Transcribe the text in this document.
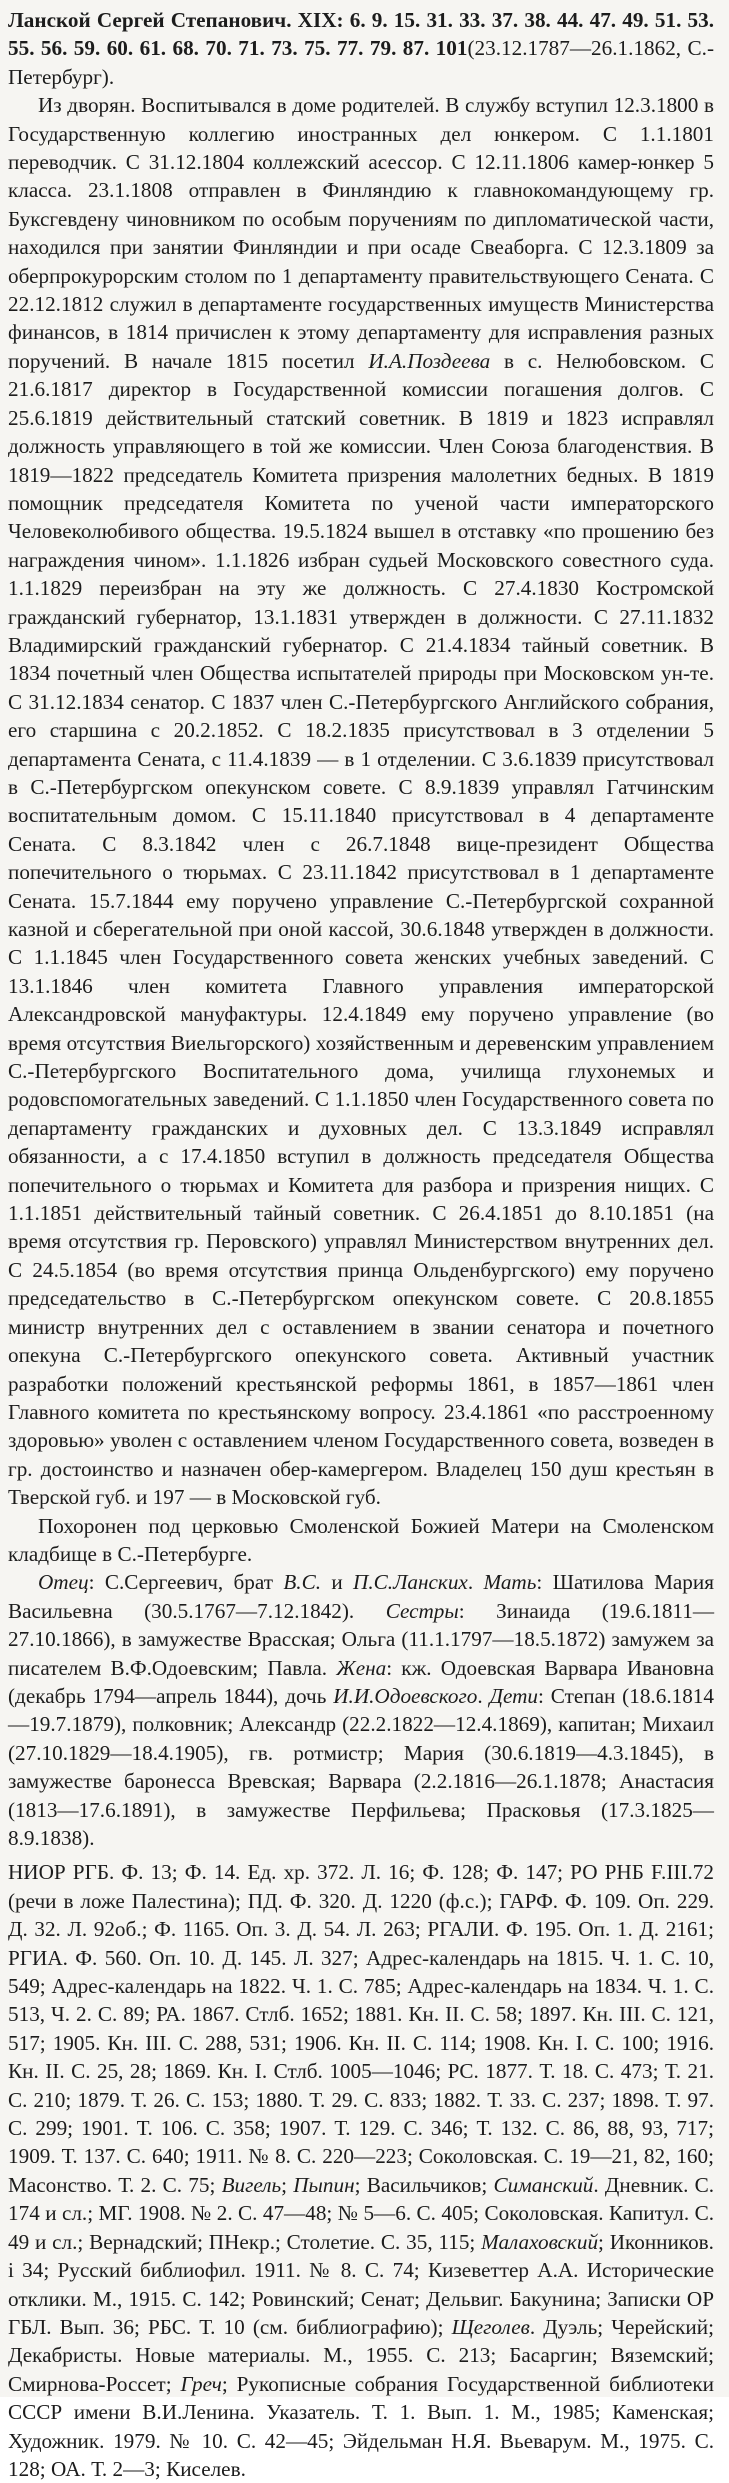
Ланской Сергей Степанович. XIX: 6. 9. 15. 31. 33. 37. 38. 44. 47. 49. 51. 53. 55. 56. 59. 60. 61. 68. 70. 71. 73. 75. 77. 79. 87. 101(23.12.1787—26.1.1862, С.-Петербург).

Из дворян. Воспитывался в доме родителей. В службу вступил 12.3.1800 в Государственную коллегию иностранных дел юнкером. С 1.1.1801 переводчик. С 31.12.1804 коллежский асессор. С 12.11.1806 камер-юнкер 5 класса. 23.1.1808 отправлен в Финляндию к главнокомандующему гр. Буксгевдену чиновником по особым поручениям по дипломатической части, находился при занятии Финляндии и при осаде Свеаборга. С 12.3.1809 за оберпрокурорским столом по 1 департаменту правительствующего Сената. С 22.12.1812 служил в департаменте государственных имуществ Министерства финансов, в 1814 причислен к этому департаменту для исправления разных поручений. В начале 1815 посетил И.А.Поздеева в с. Нелюбовском. С 21.6.1817 директор в Государственной комиссии погашения долгов. С 25.6.1819 действительный статский советник. В 1819 и 1823 исправлял должность управляющего в той же комиссии. Член Союза благоденствия. В 1819—1822 председатель Комитета призрения малолетних бедных. В 1819 помощник председателя Комитета по ученой части императорского Человеколюбивого общества. 19.5.1824 вышел в отставку «по прошению без награждения чином». 1.1.1826 избран судьей Московского совестного суда. 1.1.1829 переизбран на эту же должность. С 27.4.1830 Костромской гражданский губернатор, 13.1.1831 утвержден в должности. С 27.11.1832 Владимирский гражданский губернатор. С 21.4.1834 тайный советник. В 1834 почетный член Общества испытателей природы при Московском ун-те. С 31.12.1834 сенатор. С 1837 член С.-Петербургского Английского собрания, его старшина с 20.2.1852. С 18.2.1835 присутствовал в 3 отделении 5 департамента Сената, с 11.4.1839 — в 1 отделении. С 3.6.1839 присутствовал в С.-Петербургском опекунском совете. С 8.9.1839 управлял Гатчинским воспитательным домом. С 15.11.1840 присутствовал в 4 департаменте Сената. С 8.3.1842 член с 26.7.1848 вице-президент Общества попечительного о тюрьмах. С 23.11.1842 присутствовал в 1 департаменте Сената. 15.7.1844 ему поручено управление С.-Петербургской сохранной казной и сберегательной при оной кассой, 30.6.1848 утвержден в должности. С 1.1.1845 член Государственного совета женских учебных заведений. С 13.1.1846 член комитета Главного управления императорской Александровской мануфактуры. 12.4.1849 ему поручено управление (во время отсутствия Виельгорского) хозяйственным и деревенским управлением С.-Петербургского Воспитательного дома, училища глухонемых и родовспомогательных заведений. С 1.1.1850 член Государственного совета по департаменту гражданских и духовных дел. С 13.3.1849 исправлял обязанности, а с 17.4.1850 вступил в должность председателя Общества попечительного о тюрьмах и Комитета для разбора и призрения нищих. С 1.1.1851 действительный тайный советник. С 26.4.1851 до 8.10.1851 (на время отсутствия гр. Перовского) управлял Министерством внутренних дел. С 24.5.1854 (во время отсутствия принца Ольденбургского) ему поручено председательство в С.-Петербургском опекунском совете. С 20.8.1855 министр внутренних дел с оставлением в звании сенатора и почетного опекуна С.-Петербургского опекунского совета. Активный участник разработки положений крестьянской реформы 1861, в 1857—1861 член Главного комитета по крестьянскому вопросу. 23.4.1861 «по расстроенному здоровью» уволен с оставлением членом Государственного совета, возведен в гр. достоинство и назначен обер-камергером. Владелец 150 душ крестьян в Тверской губ. и 197 — в Московской губ.

Похоронен под церковью Смоленской Божией Матери на Смоленском кладбище в С.-Петербурге.

Отец: С.Сергеевич, брат В.С. и П.С.Ланских. Мать: Шатилова Мария Васильевна (30.5.1767—7.12.1842). Сестры: Зинаида (19.6.1811—27.10.1866), в замужестве Врасская; Ольга (11.1.1797—18.5.1872) замужем за писателем В.Ф.Одоевским; Павла. Жена: кж. Одоевская Варвара Ивановна (декабрь 1794—апрель 1844), дочь И.И.Одоевского. Дети: Степан (18.6.1814—19.7.1879), полковник; Александр (22.2.1822—12.4.1869), капитан; Михаил (27.10.1829—18.4.1905), гв. ротмистр; Мария (30.6.1819—4.3.1845), в замужестве баронесса Вревская; Варвара (2.2.1816—26.1.1878; Анастасия (1813—17.6.1891), в замужестве Перфильева; Прасковья (17.3.1825—8.9.1838).

НИОР РГБ. Ф. 13; Ф. 14. Ед. хр. 372. Л. 16; Ф. 128; Ф. 147; РО РНБ F.III.72 (речи в ложе Палестина); ПД. Ф. 320. Д. 1220 (ф.с.); ГАРФ. Ф. 109. Оп. 229. Д. 32. Л. 92об.; Ф. 1165. Оп. 3. Д. 54. Л. 263; РГАЛИ. Ф. 195. Оп. 1. Д. 2161; РГИА. Ф. 560. Оп. 10. Д. 145. Л. 327; Адрес-календарь на 1815. Ч. 1. С. 10, 549; Адрес-календарь на 1822. Ч. 1. С. 785; Адрес-календарь на 1834. Ч. 1. С. 513, Ч. 2. С. 89; РА. 1867. Стлб. 1652; 1881. Кн. II. С. 58; 1897. Кн. III. С. 121, 517; 1905. Кн. III. С. 288, 531; 1906. Кн. II. С. 114; 1908. Кн. I. С. 100; 1916. Кн. II. С. 25, 28; 1869. Кн. I. Стлб. 1005—1046; PC. 1877. Т. 18. С. 473; Т. 21. С. 210; 1879. Т. 26. С. 153; 1880. Т. 29. С. 833; 1882. Т. 33. С. 237; 1898. Т. 97. С. 299; 1901. Т. 106. С. 358; 1907. Т. 129. С. 346; Т. 132. С. 86, 88, 93, 717; 1909. Т. 137. С. 640; 1911. № 8. С. 220—223; Соколовская. С. 19—21, 82, 160; Масонство. Т. 2. С. 75; Вигель; Пыпин; Васильчиков; Симанский. Дневник. С. 174 и сл.; МГ. 1908. № 2. С. 47—48; № 5—6. С. 405; Соколовская. Капитул. С. 49 и сл.; Вернадский; ПНекр.; Столетие. С. 35, 115; Малаховский; Иконников. i 34; Русский библиофил. 1911. № 8. С. 74; Кизеветтер А.А. Исторические отклики. М., 1915. С. 142; Ровинский; Сенат; Дельвиг. Бакунина; Записки ОР ГБЛ. Вып. 36; РБС. Т. 10 (см. библиографию); Щеголев. Дуэль; Черейский; Декабристы. Новые материалы. М., 1955. С. 213; Басаргин; Вяземский; Смирнова-Россет; Греч; Рукописные собрания Государственной библиотеки СССР имени В.И.Ленина. Указатель. Т. 1. Вып. 1. М., 1985; Каменская; Художник. 1979. № 10. С. 42—45; Эйдельман Н.Я. Вьеварум. М., 1975. С. 128; ОА. Т. 2—3; Киселев.
